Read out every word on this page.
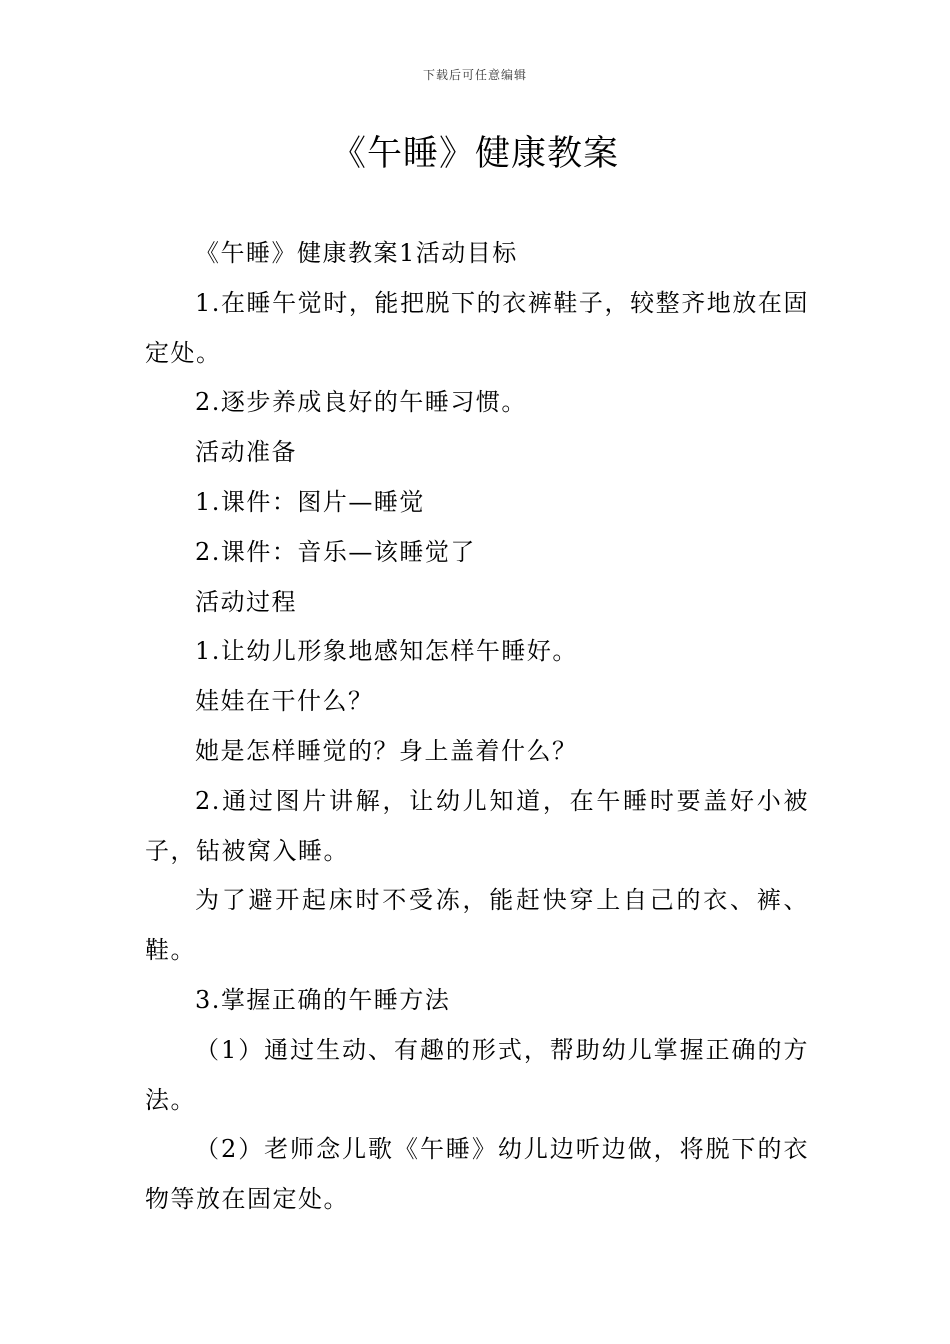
下载后可任意编辑
《午睡》健康教案

《午睡》健康教案1活动目标

1.在睡午觉时，能把脱下的衣裤鞋子，较整齐地放在固定处。

2.逐步养成良好的午睡习惯。

活动准备

1.课件：图片—睡觉

2.课件：音乐—该睡觉了

活动过程

1.让幼儿形象地感知怎样午睡好。

娃娃在干什么？

她是怎样睡觉的？身上盖着什么？

2.通过图片讲解，让幼儿知道，在午睡时要盖好小被子，钻被窝入睡。

为了避开起床时不受冻，能赶快穿上自己的衣、裤、鞋。

3.掌握正确的午睡方法

（1）通过生动、有趣的形式，帮助幼儿掌握正确的方法。

（2）老师念儿歌《午睡》幼儿边听边做，将脱下的衣物等放在固定处。
